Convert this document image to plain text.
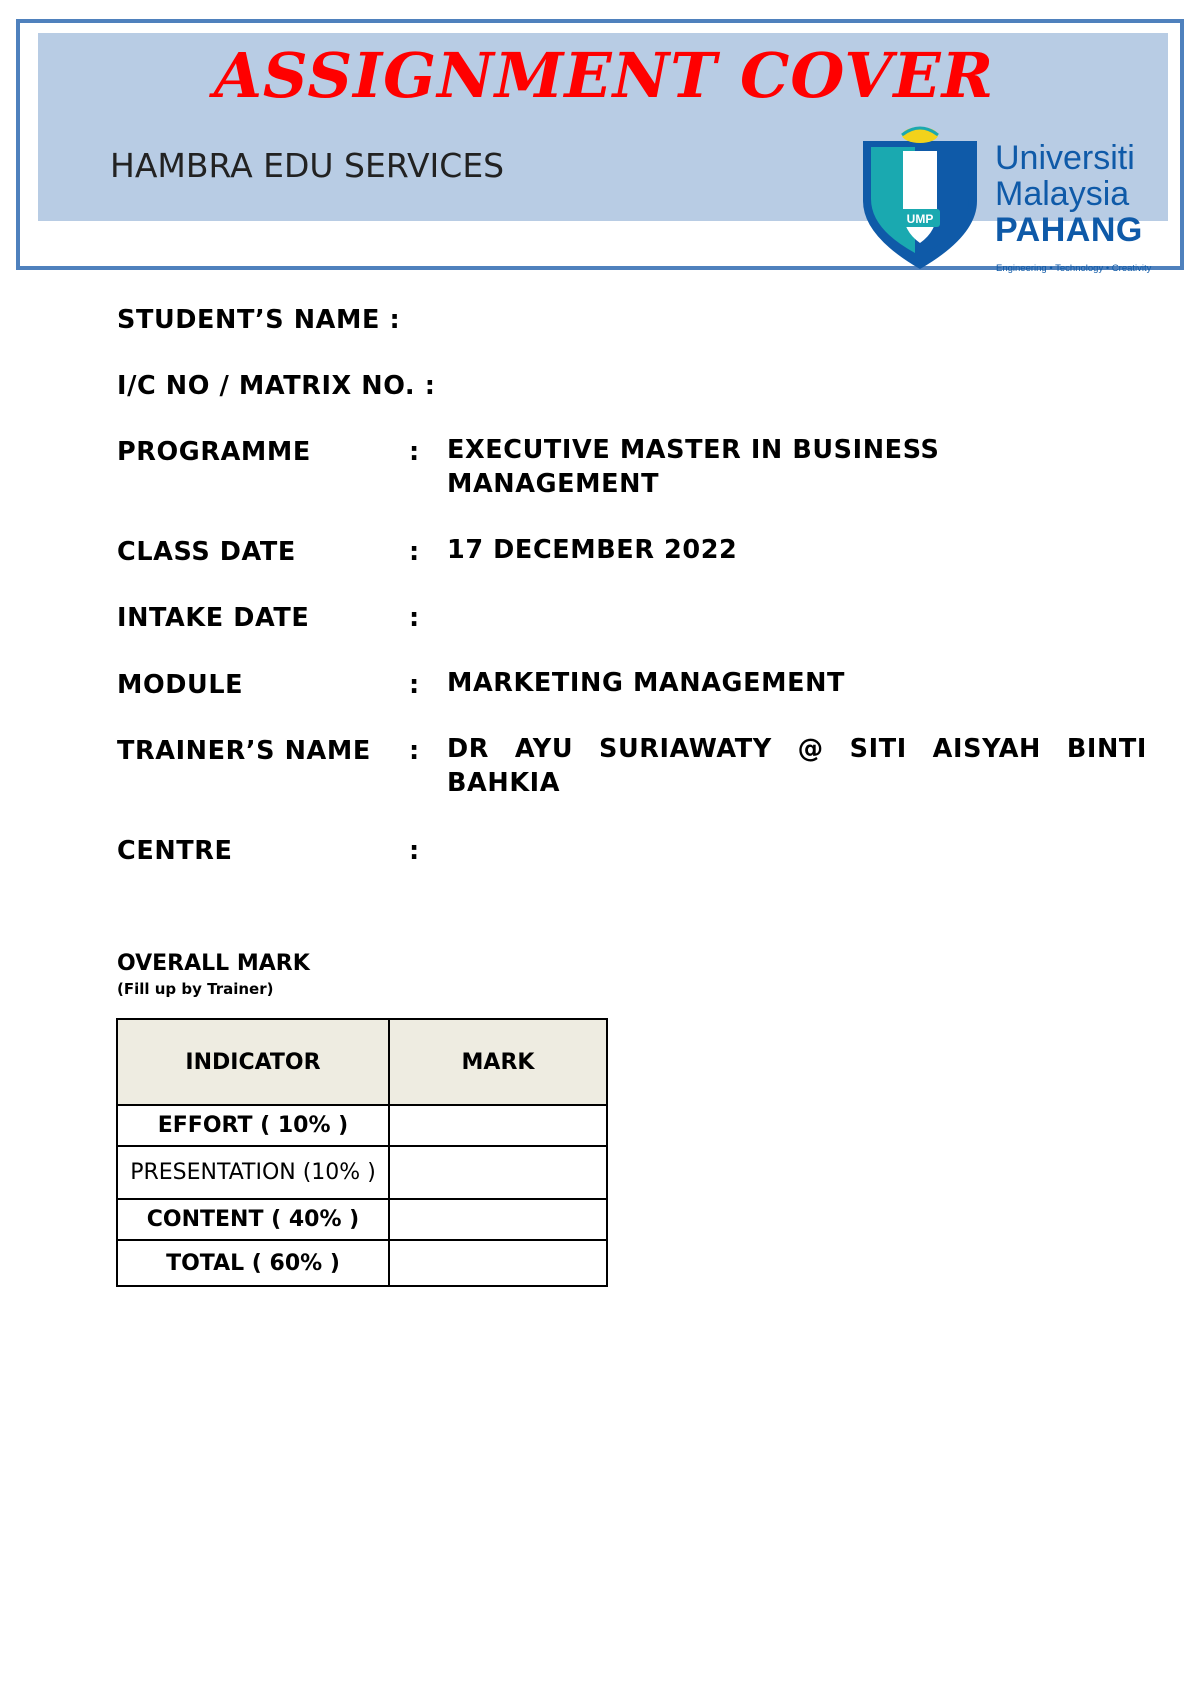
ASSIGNMENT COVER
HAMBRA EDU SERVICES
UMP
Universiti
Malaysia
PAHANG
Engineering • Technology • Creativity
STUDENT’S NAME :
I/C NO / MATRIX NO. :
PROGRAMME	: EXECUTIVE MASTER IN BUSINESS MANAGEMENT
CLASS DATE	: 17 DECEMBER 2022
INTAKE DATE	:
MODULE	: MARKETING MANAGEMENT
TRAINER’S NAME : DR AYU SURIAWATY @ SITI AISYAH BINTI BAHKIA
CENTRE	:
OVERALL MARK
(Fill up by Trainer)
INDICATOR	MARK
EFFORT ( 10% )	
PRESENTATION (10% )	
CONTENT ( 40% )	
TOTAL ( 60% )	
